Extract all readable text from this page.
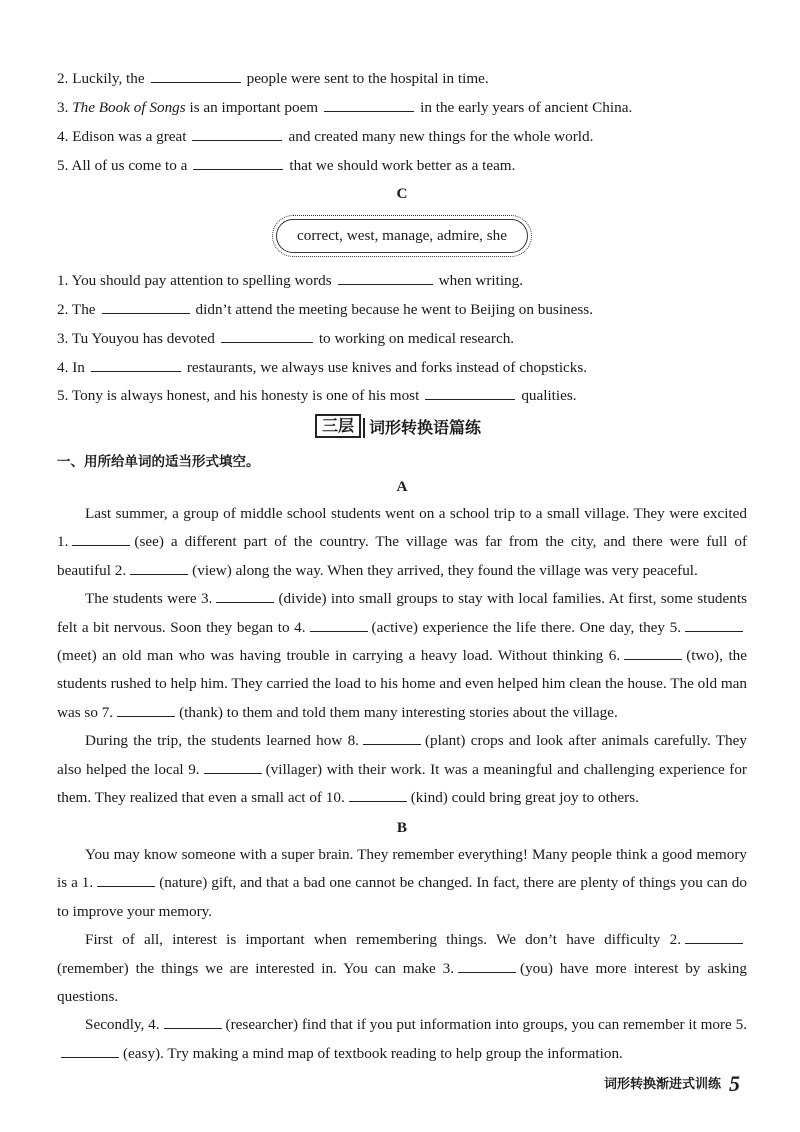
2. Luckily, the	people were sent to the hospital in time.
3. The Book of Songs is an important poem	in the early years of ancient China.
4. Edison was a great	and created many new things for the whole world.
5. All of us come to a	that we should work better as a team.
C
correct, west, manage, admire, she
1. You should pay attention to spelling words	when writing.
2. The	didn’t attend the meeting because he went to Beijing on business.
3. Tu Youyou has devoted	to working on medical research.
4. In	restaurants, we always use knives and forks instead of chopsticks.
5. Tony is always honest, and his honesty is one of his most	qualities.
三层 词形转换语篇练
一、用所给单词的适当形式填空。
A

Last summer, a group of middle school students went on a school trip to a small village. They were excited 1.	(see) a different part of the country. The village was far from the city, and there were full of beautiful 2.	(view) along the way. When they arrived, they found the village was very peaceful.

The students were 3.	(divide) into small groups to stay with local families. At first, some students felt a bit nervous. Soon they began to 4.	(active) experience the life there. One day, they 5.(meet) an old man who was having trouble in carrying a heavy load. Without thinking 6.	(two), the students rushed to help him. They carried the load to his home and even helped him clean the house. The old man was so 7.	(thank) to them and told them many interesting stories about the village.

During the trip, the students learned how 8.	(plant) crops and look after animals carefully. They also helped the local 9.	(villager) with their work. It was a meaningful and challenging experience for them. They realized that even a small act of 10.	(kind) could bring great joy to others.

B

You may know someone with a super brain. They remember everything! Many people think a good memory is a 1.	(nature) gift, and that a bad one cannot be changed. In fact, there are plenty of things you can do to improve your memory.

First of all, interest is important when remembering things. We don’t have difficulty 2.(remember) the things we are interested in. You can make 3.	(you) have more interest by asking questions.

Secondly, 4.	(researcher) find that if you put information into groups, you can remember it more 5.(easy). Try making a mind map of textbook reading to help group the information.

词形转换渐进式训练 5
